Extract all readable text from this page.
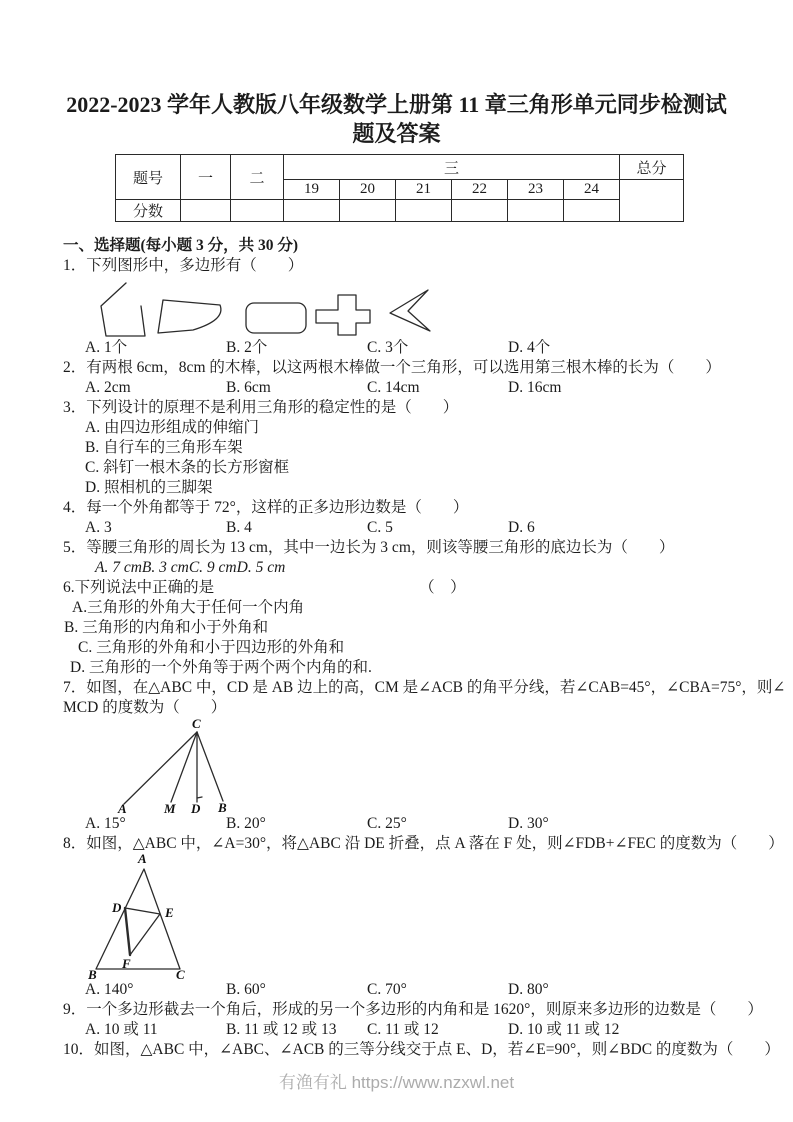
2022-2023 学年人教版八年级数学上册第 11 章三角形单元同步检测试
题及答案
题号	一	二	三						总分
			19	20	21	22	23	24	
分数									
一、选择题(每小题 3 分，共 30 分)
1．下列图形中，多边形有（　　）
A. 1个	B. 2个	C. 3个	D. 4个
2．有两根 6cm，8cm 的木棒，以这两根木棒做一个三角形，可以选用第三根木棒的长为（　　）
A. 2cm	B. 6cm	C. 14cm	D. 16cm
3．下列设计的原理不是利用三角形的稳定性的是（　　）
A. 由四边形组成的伸缩门
B. 自行车的三角形车架
C. 斜钉一根木条的长方形窗框
D. 照相机的三脚架
4．每一个外角都等于 72°，这样的正多边形边数是（　　）
A. 3	B. 4	C. 5	D. 6
5．等腰三角形的周长为 13 cm，其中一边长为 3 cm，则该等腰三角形的底边长为（　　）
A. 7 cmB. 3 cmC. 9 cmD. 5 cm
6.下列说法中正确的是	（　）
A.三角形的外角大于任何一个内角
B. 三角形的内角和小于外角和
C. 三角形的外角和小于四边形的外角和
D. 三角形的一个外角等于两个两个内角的和.
7．如图，在△ABC 中，CD 是 AB 边上的高，CM 是∠ACB 的角平分线，若∠CAB=45°，∠CBA=75°，则∠
MCD 的度数为（　　）
C
A	M D B
A. 15°	B. 20°	C. 25°	D. 30°
8．如图，△ABC 中，∠A=30°，将△ABC 沿 DE 折叠，点 A 落在 F 处，则∠FDB+∠FEC 的度数为（　　）
A
B	C
D	E
F
A. 140°	B. 60°	C. 70°	D. 80°
9．一个多边形截去一个角后，形成的另一个多边形的内角和是 1620°，则原来多边形的边数是（　　）
A. 10 或 11	B. 11 或 12 或 13	C. 11 或 12	D. 10 或 11 或 12
10．如图，△ABC 中，∠ABC、∠ACB 的三等分线交于点 E、D，若∠E=90°，则∠BDC 的度数为（　　）
有渔有礼 https://www.nzxwl.net
